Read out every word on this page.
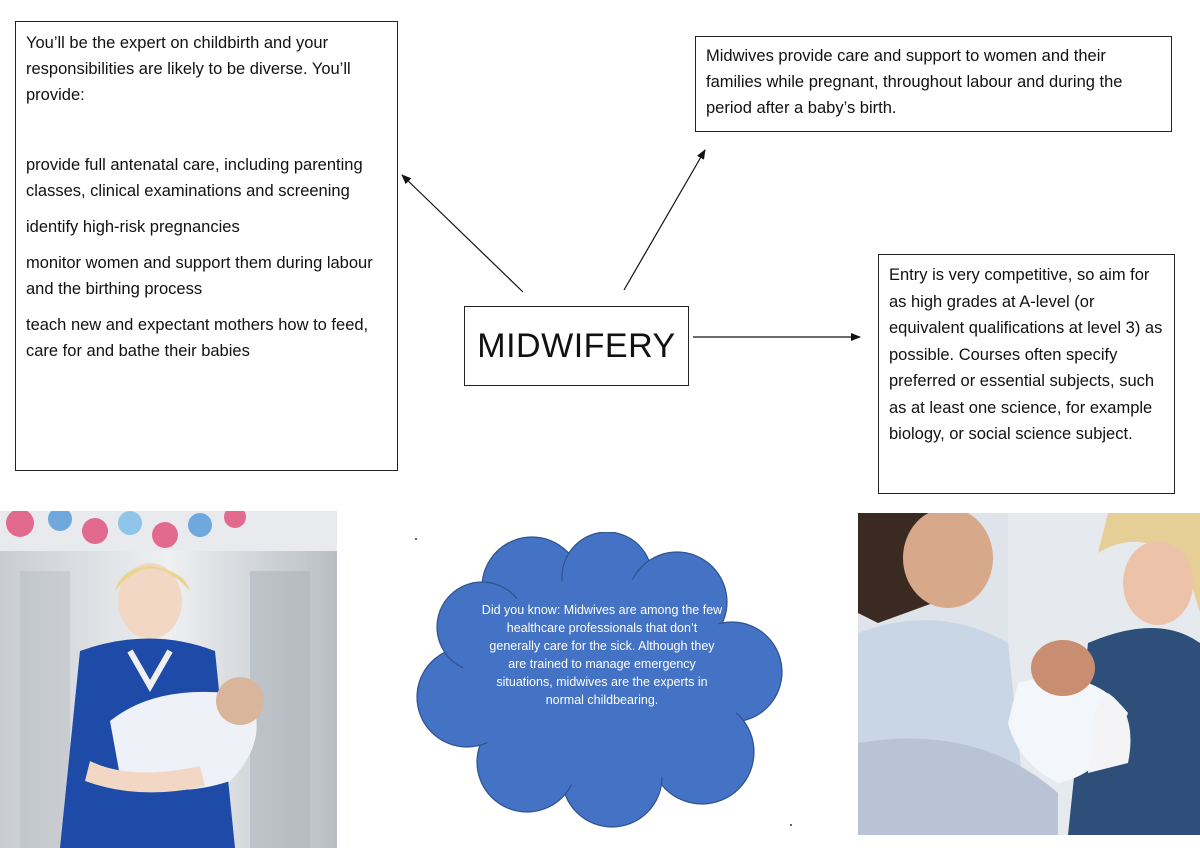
You’ll be the expert on childbirth and your responsibilities are likely to be diverse. You’ll provide:

provide full antenatal care, including parenting classes, clinical examinations and screening

identify high-risk pregnancies

monitor women and support them during labour and the birthing process

teach new and expectant mothers how to feed, care for and bathe their babies

Midwives provide care and support to women and their families while pregnant, throughout labour and during the period after a baby’s birth.
MIDWIFERY
Entry is very competitive, so aim for as high grades at A-level (or equivalent qualifications at level 3) as possible. Courses often specify preferred or essential subjects, such as at least one science, for example biology, or social science subject.
Did you know: Midwives are among the few healthcare professionals that don’t generally care for the sick. Although they are trained to manage emergency situations, midwives are the experts in normal childbearing.
